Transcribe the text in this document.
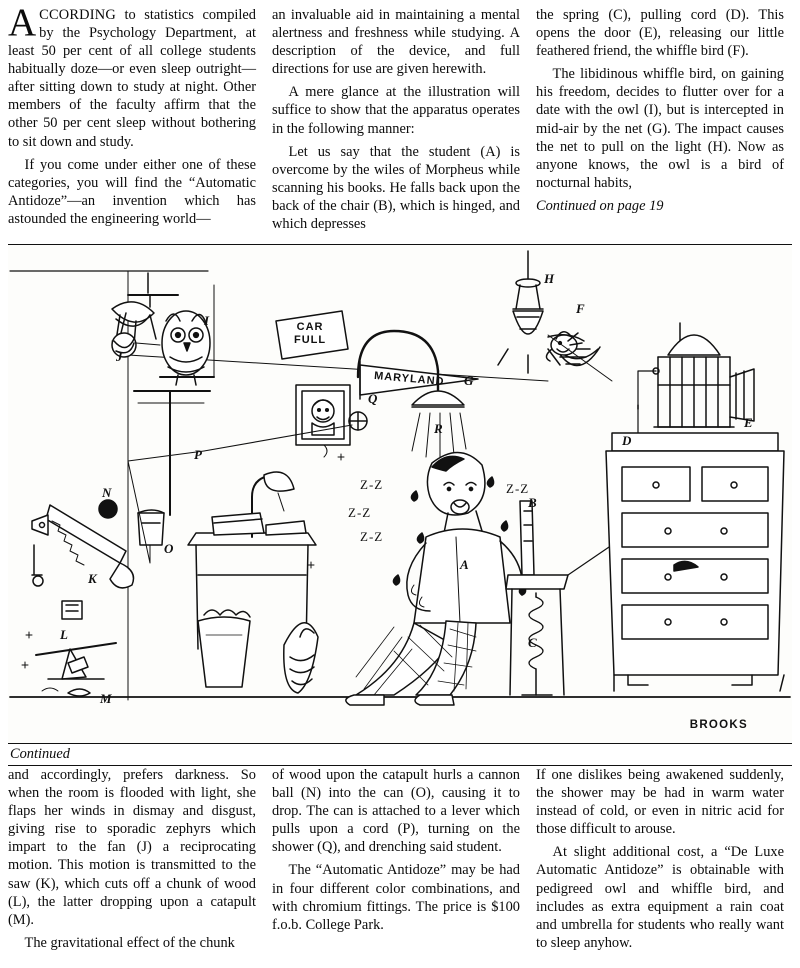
ACCORDING to statistics compiled by the Psychology Department, at least 50 per cent of all college students habitually doze—or even sleep outright—after sitting down to study at night. Other members of the faculty affirm that the other 50 per cent sleep without bothering to sit down and study.

If you come under either one of these categories, you will find the “Automatic Antidoze”—an invention which has astounded the engineering world—

an invaluable aid in maintaining a mental alertness and freshness while studying. A description of the device, and full directions for use are given herewith.

A mere glance at the illustration will suffice to show that the apparatus operates in the following manner:

Let us say that the student (A) is overcome by the wiles of Morpheus while scanning his books. He falls back upon the back of the chair (B), which is hinged, and which depresses

the spring (C), pulling cord (D). This opens the door (E), releasing our little feathered friend, the whiffle bird (F).

The libidinous whiffle bird, on gaining his freedom, decides to flutter over for a date with the owl (I), but is intercepted in mid-air by the net (G). The impact causes the net to pull on the light (H). Now as anyone knows, the owl is a bird of nocturnal habits,

Continued on page 19

CAR
FULL
MARYLAND
Z-Z
Z-Z
Z-Z
Z-Z
H
F
G
E
D
I
J
P
N
O
K
L
M
Q
R
A
B
C
BROOKS
Continued

and accordingly, prefers darkness. So when the room is flooded with light, she flaps her winds in dismay and disgust, giving rise to sporadic zephyrs which impart to the fan (J) a reciprocating motion. This motion is transmitted to the saw (K), which cuts off a chunk of wood (L), the latter dropping upon a catapult (M).

The gravitational effect of the chunk

of wood upon the catapult hurls a cannon ball (N) into the can (O), causing it to drop. The can is attached to a lever which pulls upon a cord (P), turning on the shower (Q), and drenching said student.

The “Automatic Antidoze” may be had in four different color combinations, and with chromium fittings. The price is $100 f.o.b. College Park.

If one dislikes being awakened suddenly, the shower may be had in warm water instead of cold, or even in nitric acid for those difficult to arouse.

At slight additional cost, a “De Luxe Automatic Antidoze” is obtainable with pedigreed owl and whiffle bird, and includes as extra equipment a rain coat and umbrella for students who really want to sleep anyhow.
